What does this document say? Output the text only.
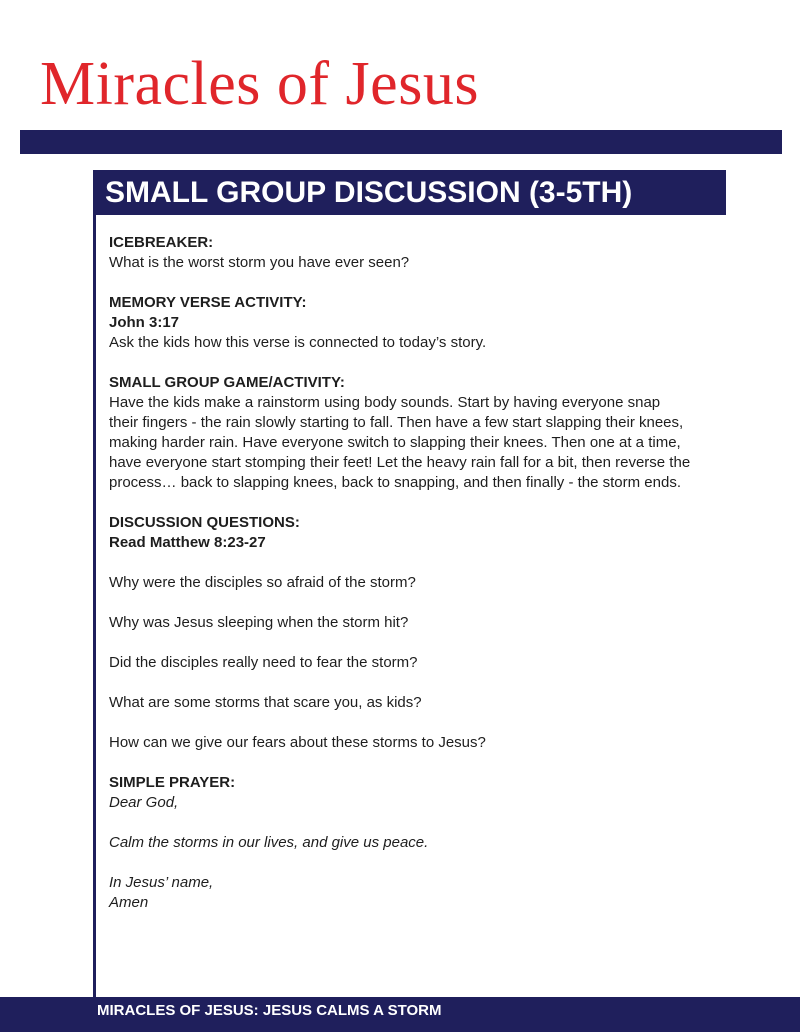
Miracles of Jesus
SMALL GROUP DISCUSSION (3-5TH)
ICEBREAKER:
What is the worst storm you have ever seen?
MEMORY VERSE ACTIVITY:
John 3:17
Ask the kids how this verse is connected to today’s story.
SMALL GROUP GAME/ACTIVITY:
Have the kids make a rainstorm using body sounds. Start by having everyone snap
their fingers - the rain slowly starting to fall. Then have a few start slapping their knees,
making harder rain. Have everyone switch to slapping their knees. Then one at a time,
have everyone start stomping their feet! Let the heavy rain fall for a bit, then reverse the
process… back to slapping knees, back to snapping, and then finally - the storm ends.
DISCUSSION QUESTIONS:
Read Matthew 8:23-27
Why were the disciples so afraid of the storm?
Why was Jesus sleeping when the storm hit?
Did the disciples really need to fear the storm?
What are some storms that scare you, as kids?
How can we give our fears about these storms to Jesus?
SIMPLE PRAYER:
Dear God,
Calm the storms in our lives, and give us peace.
In Jesus’ name,
Amen
MIRACLES OF JESUS: JESUS CALMS A STORM
